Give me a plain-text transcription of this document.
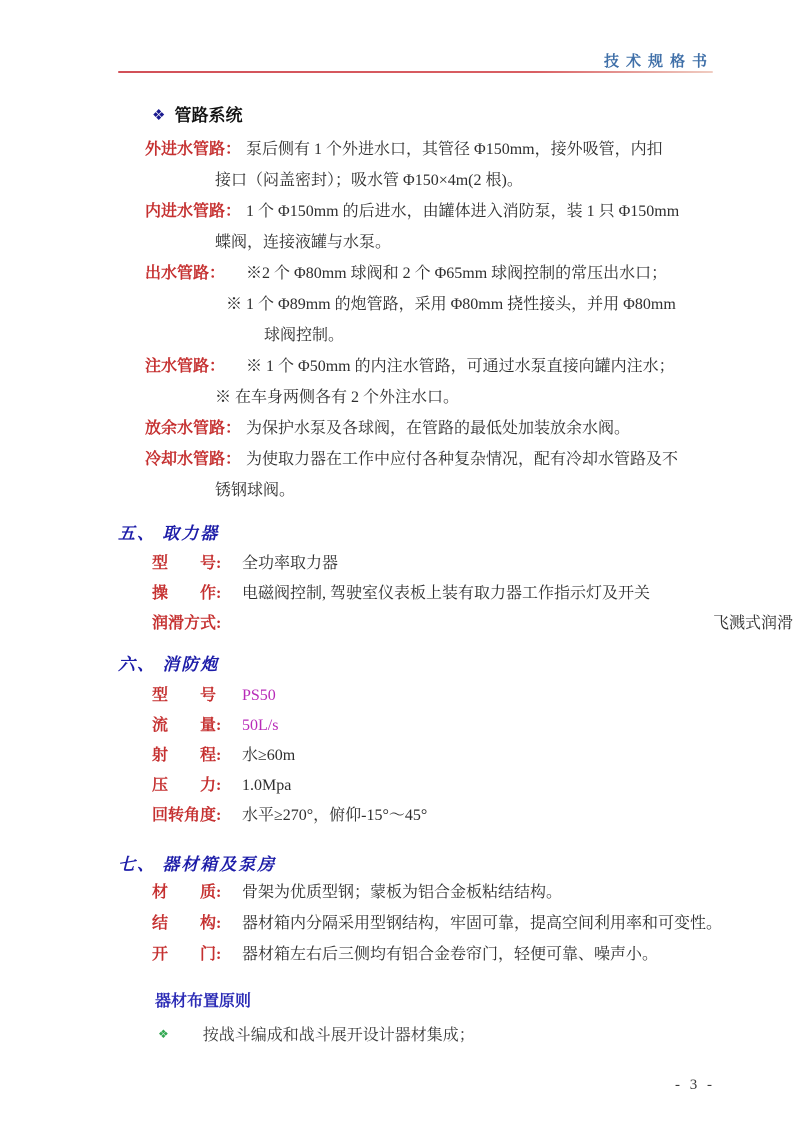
技术规格书
❖ 管路系统
外进水管路： 泵后侧有 1 个外进水口，其管径 Φ150mm，接外吸管，内扣
接口（闷盖密封）；吸水管 Φ150×4m(2 根)。
内进水管路： 1 个 Φ150mm 的后进水，由罐体进入消防泵，装 1 只 Φ150mm
蝶阀，连接液罐与水泵。
出水管路： ※2 个 Φ80mm 球阀和 2 个 Φ65mm 球阀控制的常压出水口；
※ 1 个 Φ89mm 的炮管路，采用 Φ80mm 挠性接头，并用 Φ80mm
球阀控制。
注水管路： ※ 1 个 Φ50mm 的内注水管路，可通过水泵直接向罐内注水；
※ 在车身两侧各有 2 个外注水口。
放余水管路： 为保护水泵及各球阀，在管路的最低处加装放余水阀。
冷却水管路： 为使取力器在工作中应付各种复杂情况，配有冷却水管路及不
锈钢球阀。
五、 取力器
型　　号: 全功率取力器
操　　作: 电磁阀控制, 驾驶室仪表板上装有取力器工作指示灯及开关
润滑方式:	飞溅式润滑
六、 消防炮
型　　号 PS50
流　　量: 50L/s
射　　程: 水≥60m
压　　力: 1.0Mpa
回转角度: 水平≥270°，俯仰-15°～45°
七、 器材箱及泵房
材　　质: 骨架为优质型钢；蒙板为铝合金板粘结结构。
结　　构: 器材箱内分隔采用型钢结构，牢固可靠，提高空间利用率和可变性。
开　　门: 器材箱左右后三侧均有铝合金卷帘门，轻便可靠、噪声小。
器材布置原则
❖ 按战斗编成和战斗展开设计器材集成；
- 3 -
